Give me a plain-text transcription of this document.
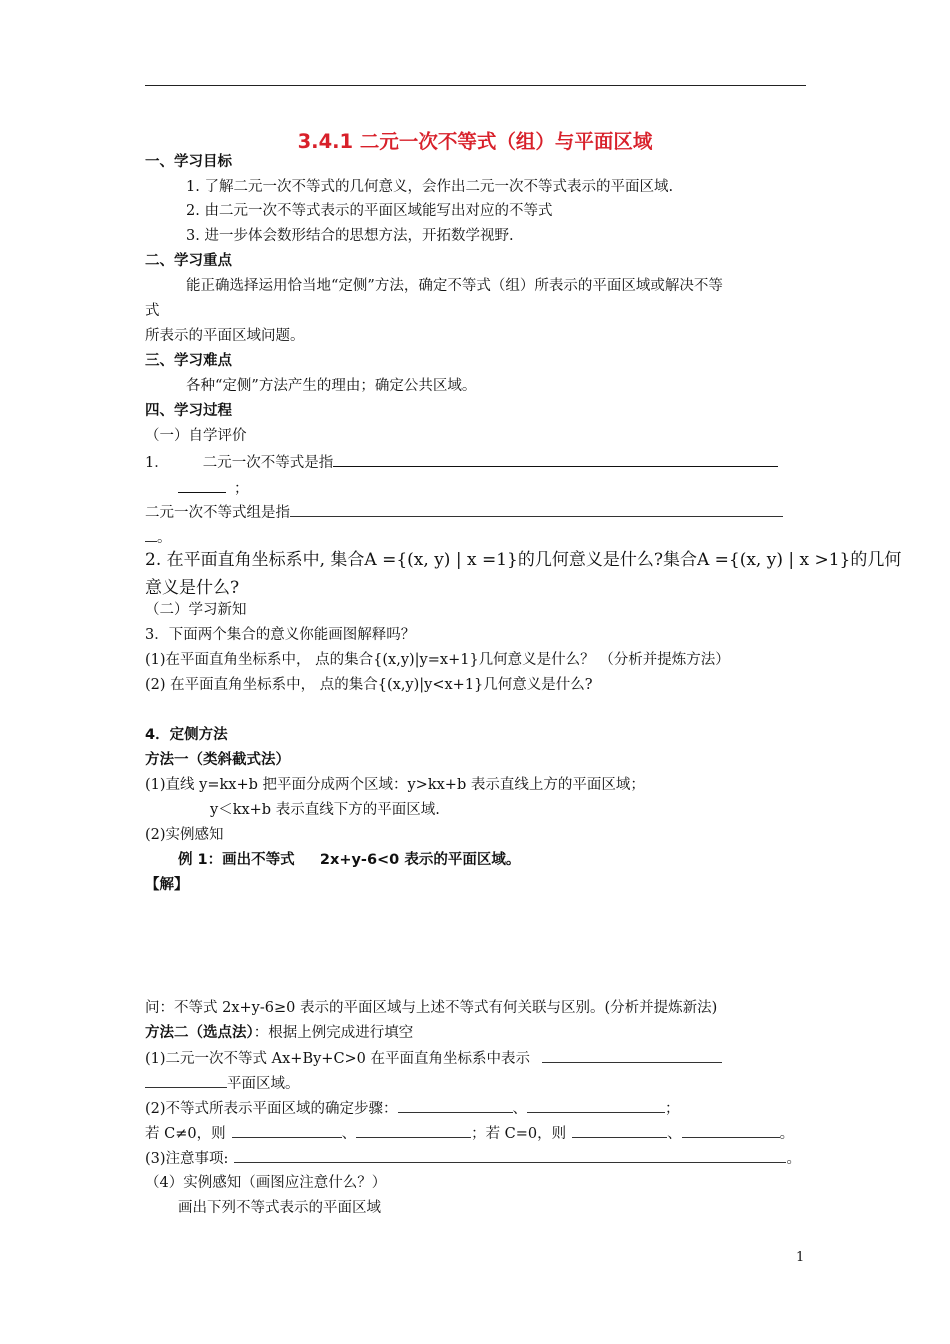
3.4.1 二元一次不等式（组）与平面区域
一、学习目标
1. 了解二元一次不等式的几何意义，会作出二元一次不等式表示的平面区域.
2. 由二元一次不等式表示的平面区域能写出对应的不等式
3. 进一步体会数形结合的思想方法，开拓数学视野.
二、学习重点
能正确选择运用恰当地“定侧”方法，确定不等式（组）所表示的平面区域或解决不等
式
所表示的平面区域问题。
三、学习难点
各种“定侧”方法产生的理由；确定公共区域。
四、学习过程
（一）自学评价
1． 二元一次不等式是指
；
二元一次不等式组是指
。
2. 在平面直角坐标系中, 集合A ={(x, y) | x =1}的几何意义是什么?集合A ={(x, y) | x >1}的几何
意义是什么?
（二）学习新知
3．下面两个集合的意义你能画图解释吗？
(1)在平面直角坐标系中， 点的集合{(x,y)|y=x+1}几何意义是什么？ （分析并提炼方法）
(2) 在平面直角坐标系中， 点的集合{(x,y)|y<x+1}几何意义是什么?
4．定侧方法
方法一（类斜截式法）
(1)直线 y=kx+b 把平面分成两个区域：y>kx+b 表示直线上方的平面区域；
y＜kx+b 表示直线下方的平面区域.
(2)实例感知
例 1：画出不等式     2x+y-6<0 表示的平面区域。
【解】
问：不等式 2x+y-6≥0 表示的平面区域与上述不等式有何关联与区别。(分析并提炼新法)
方法二（选点法）：根据上例完成进行填空
(1)二元一次不等式 Ax+By+C>0 在平面直角坐标系中表示
平面区域。
(2)不等式所表示平面区域的确定步骤：	、	；
若 C≠0，则	、	；若 C=0，则	、	。
(3)注意事项:	。
（4）实例感知（画图应注意什么？）
画出下列不等式表示的平面区域
1
